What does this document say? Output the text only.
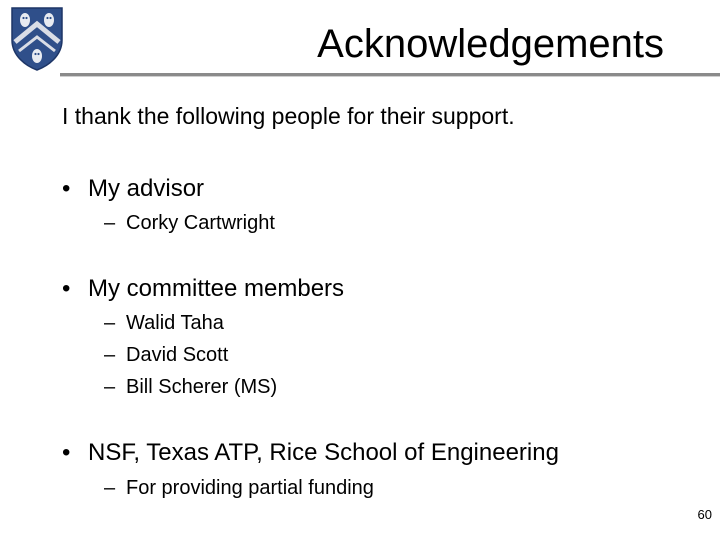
Acknowledgements
I thank the following people for their support.
• My advisor
– Corky Cartwright
• My committee members
– Walid Taha
– David Scott
– Bill Scherer (MS)
• NSF, Texas ATP, Rice School of Engineering
– For providing partial funding
60
